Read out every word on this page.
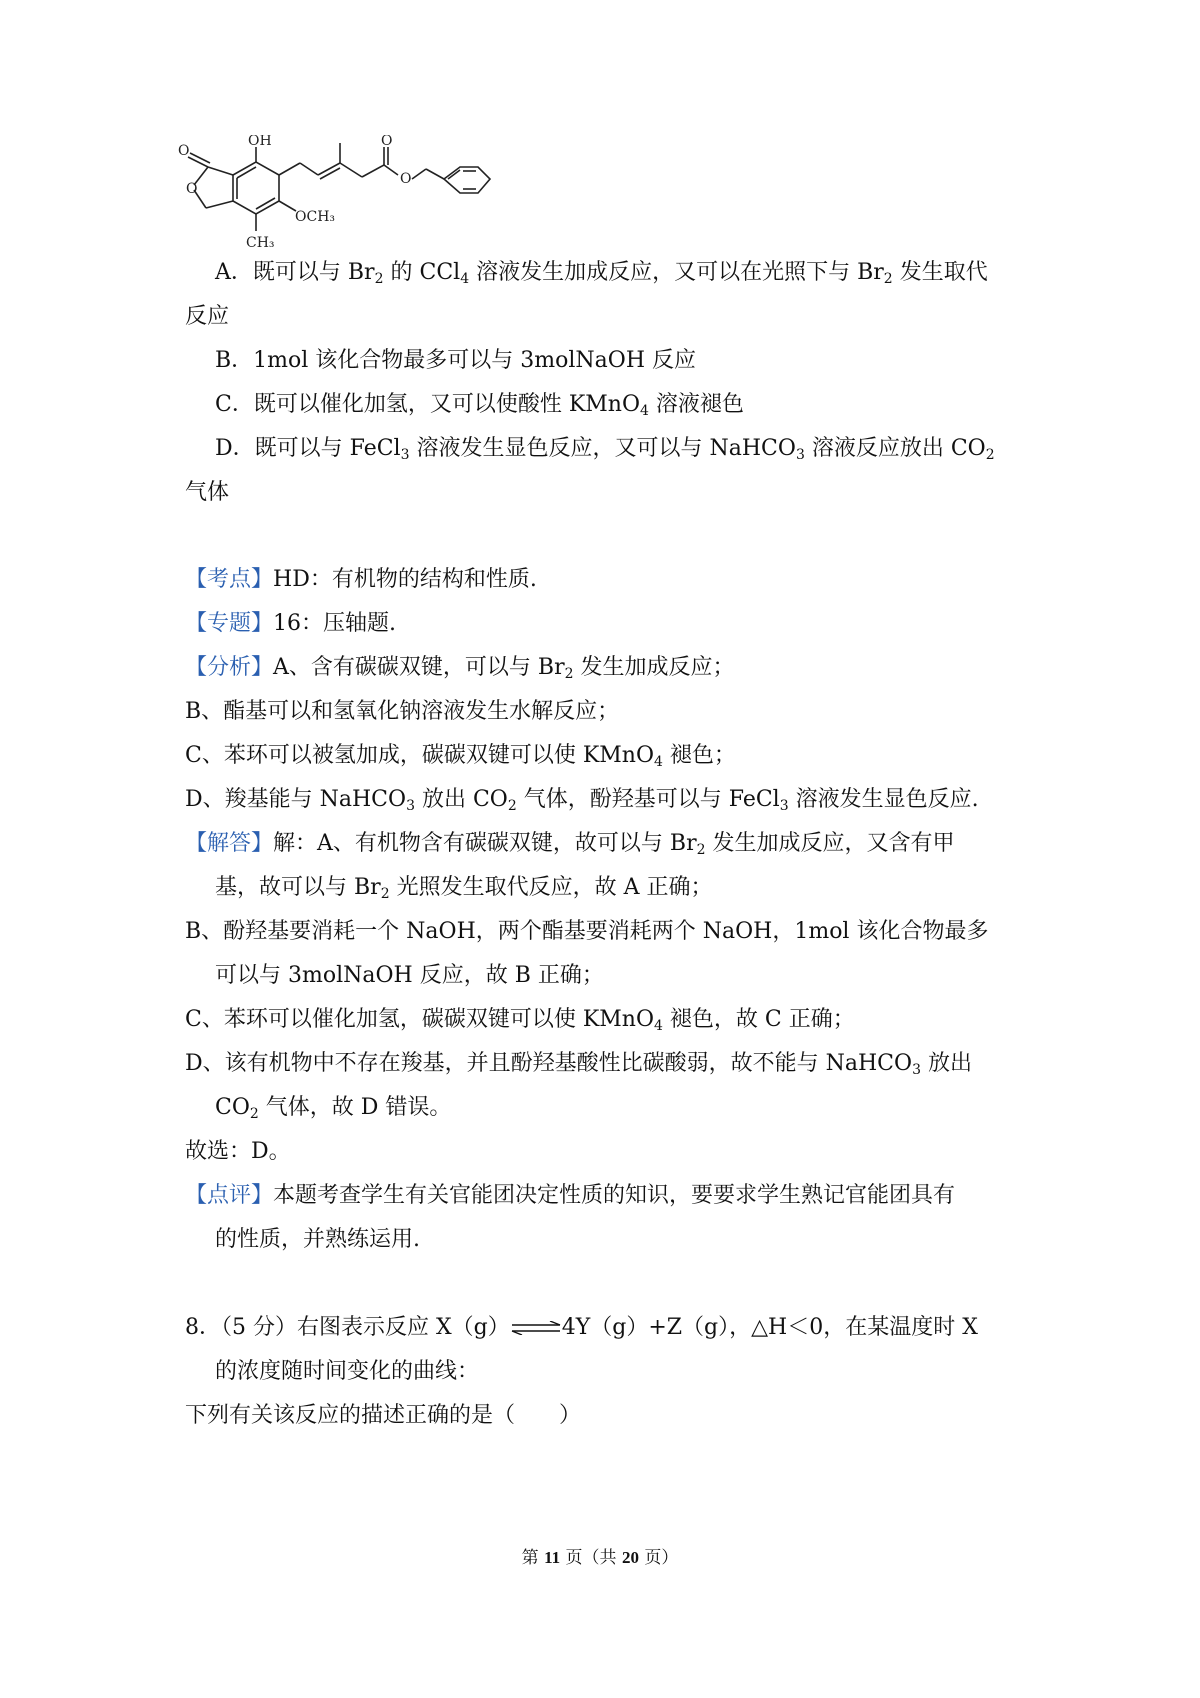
OH
O
O
O
O
OCH₃
CH₃
A．既可以与 $Br_2$ 的 CCl$_4$ 溶液发生加成反应，又可以在光照下与 $Br_2$ 发生取代
反应
B．1mol 该化合物最多可以与 3molNaOH 反应
C．既可以催化加氢，又可以使酸性 KMnO$_4$ 溶液褪色
D．既可以与 FeCl$_3$ 溶液发生显色反应，又可以与 NaHCO$_3$ 溶液反应放出 $CO_2$
气体
【考点】HD：有机物的结构和性质.
【专题】16：压轴题.
【分析】A、含有碳碳双键，可以与 $Br_2$ 发生加成反应；
B、酯基可以和氢氧化钠溶液发生水解反应；
C、苯环可以被氢加成，碳碳双键可以使 KMnO$_4$ 褪色；
D、羧基能与 NaHCO$_3$ 放出 $CO_2$ 气体，酚羟基可以与 FeCl$_3$ 溶液发生显色反应.
【解答】解：A、有机物含有碳碳双键，故可以与 $Br_2$ 发生加成反应，又含有甲
基，故可以与 $Br_2$ 光照发生取代反应，故 A 正确；
B、酚羟基要消耗一个 NaOH，两个酯基要消耗两个 NaOH，1mol 该化合物最多
可以与 3molNaOH 反应，故 B 正确；
C、苯环可以催化加氢，碳碳双键可以使 KMnO$_4$ 褪色，故 C 正确；
D、该有机物中不存在羧基，并且酚羟基酸性比碳酸弱，故不能与 NaHCO$_3$ 放出
$CO_2$ 气体，故 D 错误。
故选：D。
【点评】本题考查学生有关官能团决定性质的知识，要要求学生熟记官能团具有
的性质，并熟练运用.
8．（5 分）右图表示反应 X（g）⇌4Y（g）+Z（g），△H＜0，在某温度时 X
的浓度随时间变化的曲线：
下列有关该反应的描述正确的是（　　）
第 11 页（共 20 页）
